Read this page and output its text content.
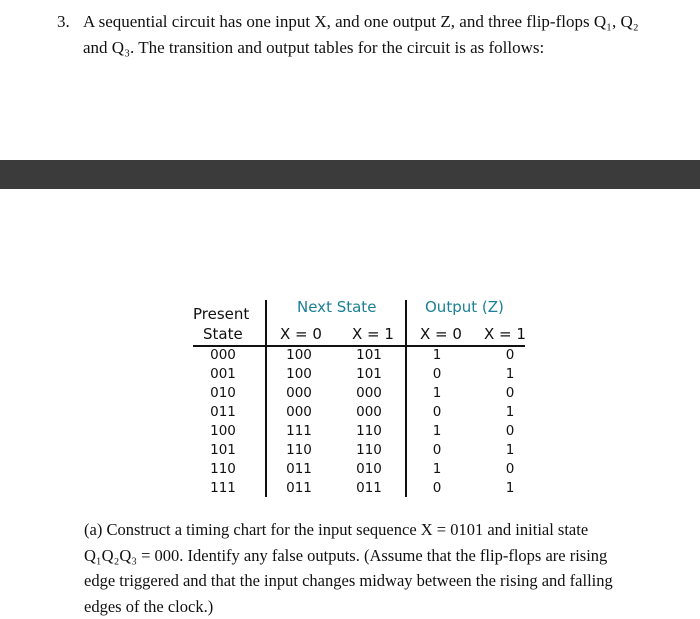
3. A sequential circuit has one input X, and one output Z, and three flip-flops Q₁, Q₂
and Q₃. The transition and output tables for the circuit is as follows:
Present
State
Next State	Output (Z)
X = 0 X = 1 X = 0 X = 1
000	100	101	1	0
001	100	101	0	1
010	000	000	1	0
011	000	000	0	1
100	111	110	1	0
101	110	110	0	1
110	011	010	1	0
111	011	011	0	1
(a) Construct a timing chart for the input sequence X = 0101 and initial state
Q₁Q₂Q₃ = 000. Identify any false outputs. (Assume that the flip-flops are rising
edge triggered and that the input changes midway between the rising and falling
edges of the clock.)
